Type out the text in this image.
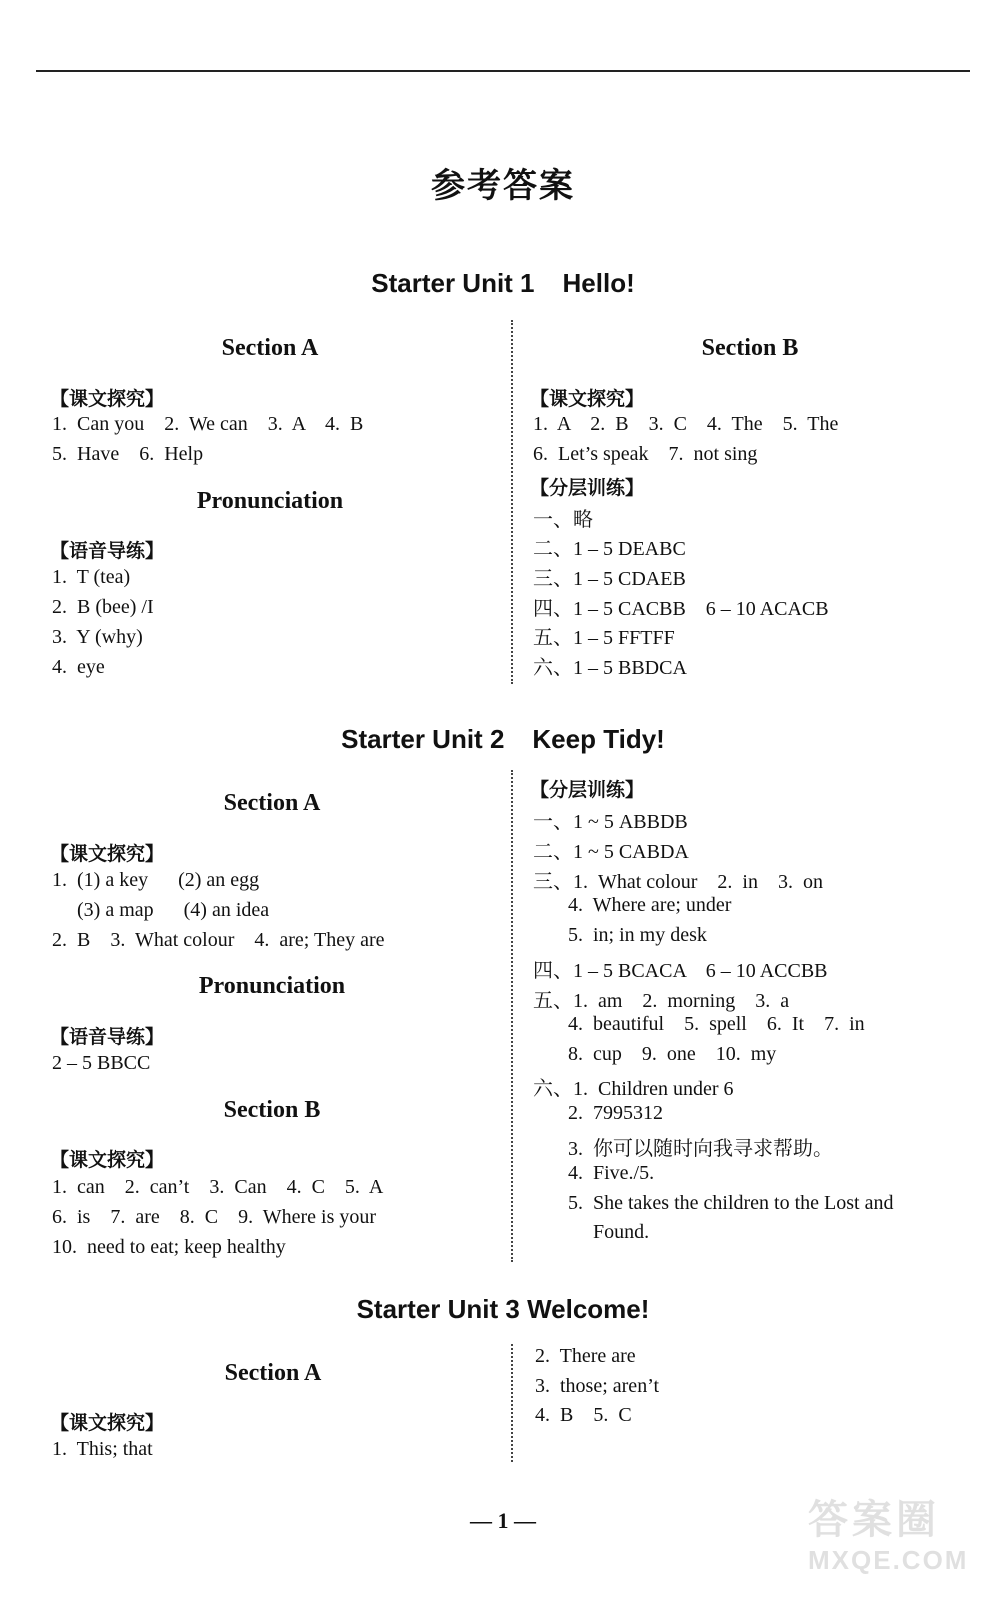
参考答案
Starter Unit 1 Hello!
Section A
【课文探究】
1.  Can you    2.  We can    3.  A    4.  B
5.  Have    6.  Help
Pronunciation
【语音导练】
1.  T (tea)
2.  B (bee) /I
3.  Y (why)
4.  eye
Section B
【课文探究】
1.  A    2.  B    3.  C    4.  The    5.  The
6.  Let’s speak    7.  not sing
【分层训练】
一、略
二、1 – 5 DEABC
三、1 – 5 CDAEB
四、1 – 5 CACBB    6 – 10 ACACB
五、1 – 5 FFTFF
六、1 – 5 BBDCA
Starter Unit 2 Keep Tidy!
Section A
【课文探究】
1.  (1) a key      (2) an egg
(3) a map      (4) an idea
2.  B    3.  What colour    4.  are; They are
Pronunciation
【语音导练】
2 – 5 BBCC
Section B
【课文探究】
1.  can    2.  can’t    3.  Can    4.  C    5.  A
6.  is    7.  are    8.  C    9.  Where is your
10.  need to eat; keep healthy
【分层训练】
一、1 ~ 5 ABBDB
二、1 ~ 5 CABDA
三、1.  What colour    2.  in    3.  on
4.  Where are; under
5.  in; in my desk
四、1 – 5 BCACA    6 – 10 ACCBB
五、1.  am    2.  morning    3.  a
4.  beautiful    5.  spell    6.  It    7.  in
8.  cup    9.  one    10.  my
六、1.  Children under 6
2.  7995312
3.  你可以随时向我寻求帮助。
4.  Five./5.
5.  She takes the children to the Lost and
Found.
Starter Unit 3 Welcome!
Section A
【课文探究】
1.  This; that
2.  There are
3.  those; aren’t
4.  B    5.  C
— 1 —	答案圈
MXQE.COM
